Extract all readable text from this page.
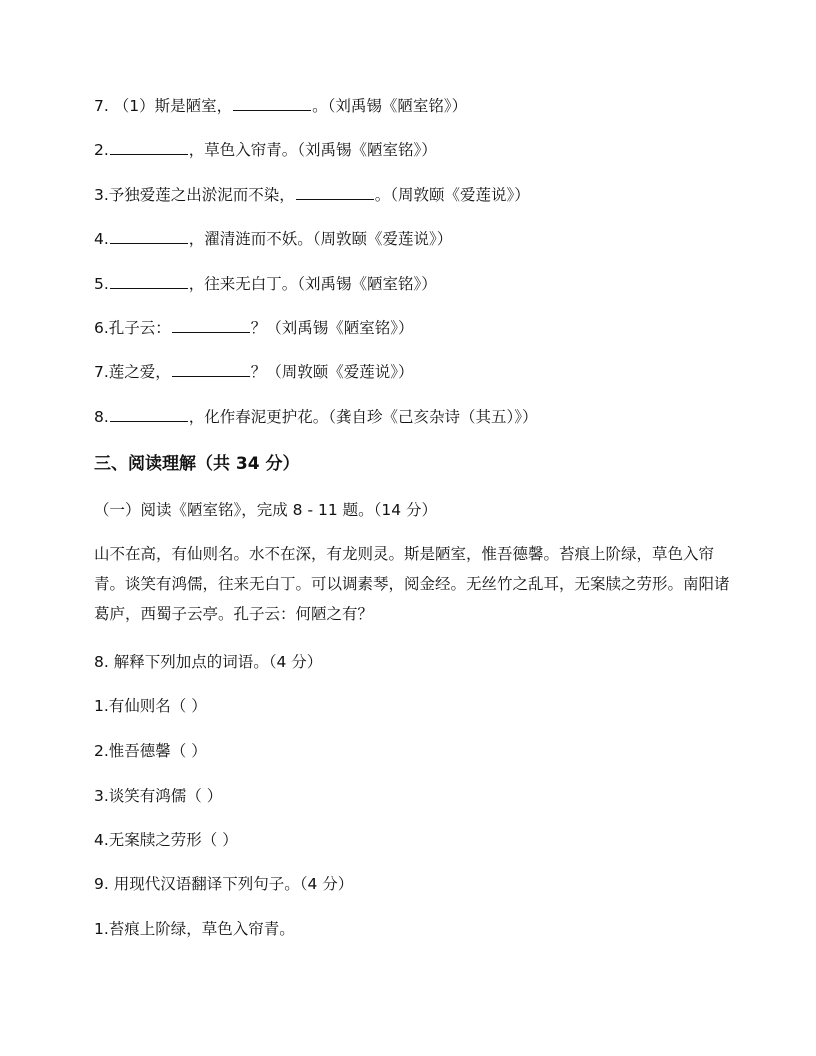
7. （1）斯是陋室，	。（刘禹锡《陋室铭》）
2.	，草色入帘青。（刘禹锡《陋室铭》）
3.予独爱莲之出淤泥而不染，	。（周敦颐《爱莲说》）
4.	，濯清涟而不妖。（周敦颐《爱莲说》）
5.	，往来无白丁。（刘禹锡《陋室铭》）
6.孔子云：	？（刘禹锡《陋室铭》）
7.莲之爱，	？（周敦颐《爱莲说》）
8.	，化作春泥更护花。（龚自珍《己亥杂诗（其五）》）
三、阅读理解（共 34 分）
（一）阅读《陋室铭》，完成 8 - 11 题。（14 分）
山不在高，有仙则名。水不在深，有龙则灵。斯是陋室，惟吾德馨。苔痕上阶绿，草色入帘青。谈笑有鸿儒，往来无白丁。可以调素琴，阅金经。无丝竹之乱耳，无案牍之劳形。南阳诸葛庐，西蜀子云亭。孔子云：何陋之有？
8. 解释下列加点的词语。（4 分）
1.有仙则名（ ）
2.惟吾德馨（ ）
3.谈笑有鸿儒（ ）
4.无案牍之劳形（ ）
9. 用现代汉语翻译下列句子。（4 分）
1.苔痕上阶绿，草色入帘青。
